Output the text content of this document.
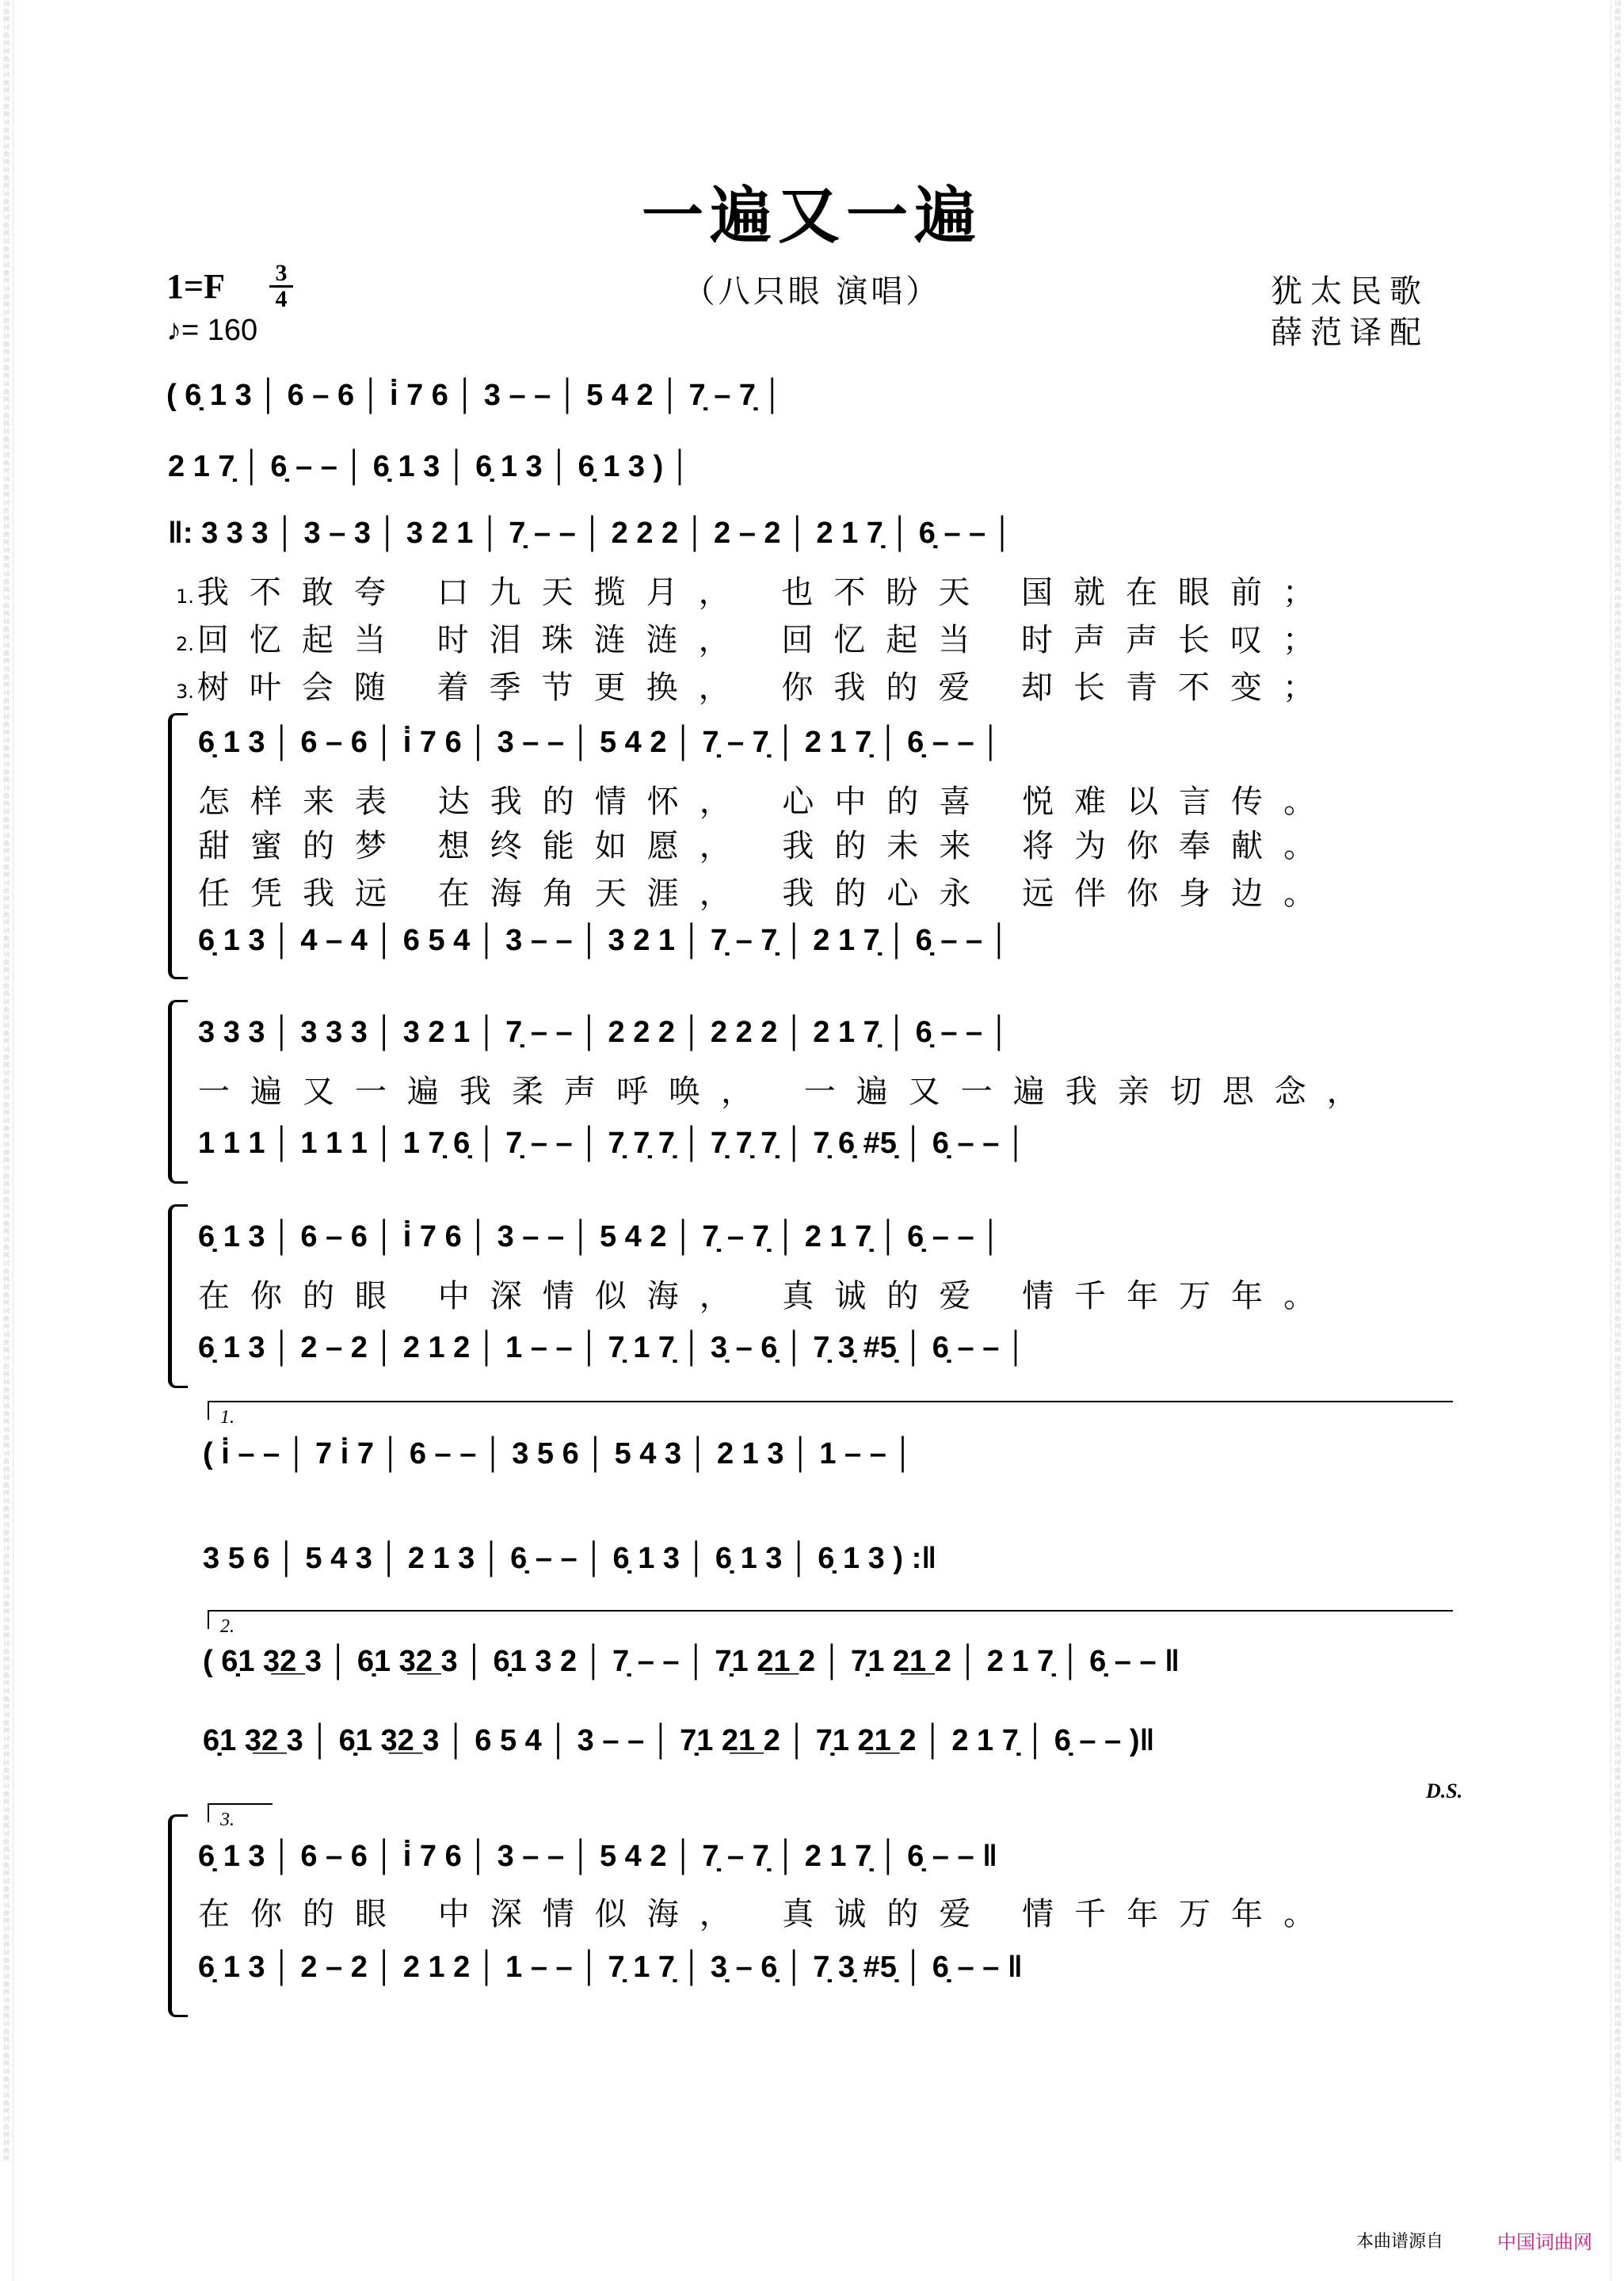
词 曲 网 词 曲 网 词 曲 网 词 曲 网 词 曲 网 词 曲 网 词 曲 网 词 曲 网 词 曲 网 词 曲 网 词 曲 网 词 曲 网 词 曲 网 词 曲 网 词 曲 网 词 曲 网 词 曲 网 词 曲 网 词 曲 网 词 曲 网 词 曲 网 词 曲 网 词 曲 网 词 曲 网 词 曲 网 词 曲 网 词 曲 网 词 曲 网 词 曲 网 词 曲 网 词 曲 网 词 曲 网 词 曲 网 词 曲 网 词 曲 网 词 曲 网 词 曲 网 词 曲 网 词 曲 网 词 曲 网 词 曲 网 词 曲 网 词 曲 网 词 曲 网 词 曲 网 词 曲 网 词 曲 网 词 曲 网 词 曲 网 词 曲 网 词 曲 网 词 曲 网 词 曲 网 词 曲 网 词 曲 网 词 曲 网 词 曲 网 词 曲 网 词 曲 网 词 曲 网 词 曲 网 词 曲 网 词 曲 网 词 曲 网 词 曲 网 词 曲 网 词 曲 网 词 曲 网 词 曲 网 词 曲 网 词 曲 网 词 曲 网 词 曲 网 词 曲 网 词 曲 网 词 曲 网 词 曲 网 词 曲 网 词 曲 网 词 曲 网 词 曲 网 词 曲 网 词 曲 网 词 曲 网 词 曲 网 词 曲 网 词 曲 网 词 曲 网 词 曲 网 词 曲 网 词 曲 网
词 曲 网 词 曲 网 词 曲 网 词 曲 网 词 曲 网 词 曲 网 词 曲 网 词 曲 网 词 曲 网 词 曲 网 词 曲 网 词 曲 网 词 曲 网 词 曲 网 词 曲 网 词 曲 网 词 曲 网 词 曲 网 词 曲 网 词 曲 网 词 曲 网 词 曲 网 词 曲 网 词 曲 网 词 曲 网 词 曲 网 词 曲 网 词 曲 网 词 曲 网 词 曲 网 词 曲 网 词 曲 网 词 曲 网 词 曲 网 词 曲 网 词 曲 网 词 曲 网 词 曲 网 词 曲 网 词 曲 网 词 曲 网 词 曲 网 词 曲 网 词 曲 网 词 曲 网 词 曲 网 词 曲 网 词 曲 网 词 曲 网 词 曲 网 词 曲 网 词 曲 网 词 曲 网 词 曲 网 词 曲 网 词 曲 网 词 曲 网 词 曲 网 词 曲 网 词 曲 网 词 曲 网 词 曲 网 词 曲 网 词 曲 网 词 曲 网 词 曲 网 词 曲 网 词 曲 网 词 曲 网 词 曲 网 词 曲 网 词 曲 网 词 曲 网 词 曲 网 词 曲 网 词 曲 网 词 曲 网 词 曲 网 词 曲 网 词 曲 网 词 曲 网 词 曲 网 词 曲 网 词 曲 网 词 曲 网 词 曲 网 词 曲 网 词 曲 网 词 曲 网 词 曲 网 词 曲 网
一遍又一遍
$1=F \frac{3}{4}$
♪= 160
（八只眼 演唱）	犹太民歌
薛范译配
( 6̣ 1 3 │ 6 – 6 │ i̇ 7 6 │ 3 – – │ 5 4 2 │ 7̣ – 7̣ │
2 1 7̣ │ 6̣ – – │ 6̣ 1 3 │ 6̣ 1 3 │ 6̣ 1 3 ) │
‖: 3 3 3 │ 3 – 3 │ 3 2 1 │ 7̣ – – │ 2 2 2 │ 2 – 2 │ 2 1 7̣ │ 6̣ – – │
1. 我不敢夸 口九天揽月， 也不盼天 国就在眼前；
2. 回忆起当 时泪珠涟涟， 回忆起当 时声声长叹；
3. 树叶会随 着季节更换， 你我的爱 却长青不变；
6̣ 1 3 │ 6 – 6 │ i̇ 7 6 │ 3 – – │ 5 4 2 │ 7̣ – 7̣ │ 2 1 7̣ │ 6̣ – – │
怎样来表 达我的情怀， 心中的喜 悦难以言传。
甜蜜的梦 想终能如愿， 我的未来 将为你奉献。
任凭我远 在海角天涯， 我的心永 远伴你身边。
6̣ 1 3 │ 4 – 4 │ 6 5 4 │ 3 – – │ 3 2 1 │ 7̣ – 7̣ │ 2 1 7̣ │ 6̣ – – │
3 3 3 │ 3 3 3 │ 3 2 1 │ 7̣ – – │ 2 2 2 │ 2 2 2 │ 2 1 7̣ │ 6̣ – – │
一遍又一遍我柔声呼唤， 一遍又一遍我亲切思念，
1 1 1 │ 1 1 1 │ 1 7̣ 6̣ │ 7̣ – – │ 7̣ 7̣ 7̣ │ 7̣ 7̣ 7̣ │ 7̣ 6̣ #5̣ │ 6̣ – – │
6̣ 1 3 │ 6 – 6 │ i̇ 7 6 │ 3 – – │ 5 4 2 │ 7̣ – 7̣ │ 2 1 7̣ │ 6̣ – – │
在你的眼 中深情似海， 真诚的爱 情千年万年。
6̣ 1 3 │ 2 – 2 │ 2 1 2 │ 1 – – │ 7̣ 1 7̣ │ 3̣ – 6̣ │ 7̣ 3̣ #5̣ │ 6̣ – – │
1.
( i̇ – – │ 7 i̇ 7 │ 6 – – │ 3 5 6 │ 5 4 3 │ 2 1 3 │ 1 – – │
3 5 6 │ 5 4 3 │ 2 1 3 │ 6̣ – – │ 6̣ 1 3 │ 6̣ 1 3 │ 6̣ 1 3 ) :‖
2.
( 6̣1 3̲2̲ 3 │ 6̣1 3̲2̲ 3 │ 6̣1 3 2 │ 7̣ – – │ 7̣1 2̲1̲ 2 │ 7̣1 2̲1̲ 2 │ 2 1 7̣ │ 6̣ – – ‖
6̣1 3̲2̲ 3 │ 6̣1 3̲2̲ 3 │ 6 5 4 │ 3 – – │ 7̣1 2̲1̲ 2 │ 7̣1 2̲1̲ 2 │ 2 1 7̣ │ 6̣ – – )‖
D.S.
3.
6̣ 1 3 │ 6 – 6 │ i̇ 7 6 │ 3 – – │ 5 4 2 │ 7̣ – 7̣ │ 2 1 7̣ │ 6̣ – – ‖
在你的眼 中深情似海， 真诚的爱 情千年万年。
6̣ 1 3 │ 2 – 2 │ 2 1 2 │ 1 – – │ 7̣ 1 7̣ │ 3̣ – 6̣ │ 7̣ 3̣ #5̣ │ 6̣ – – ‖
本曲谱源自	中国词曲网
